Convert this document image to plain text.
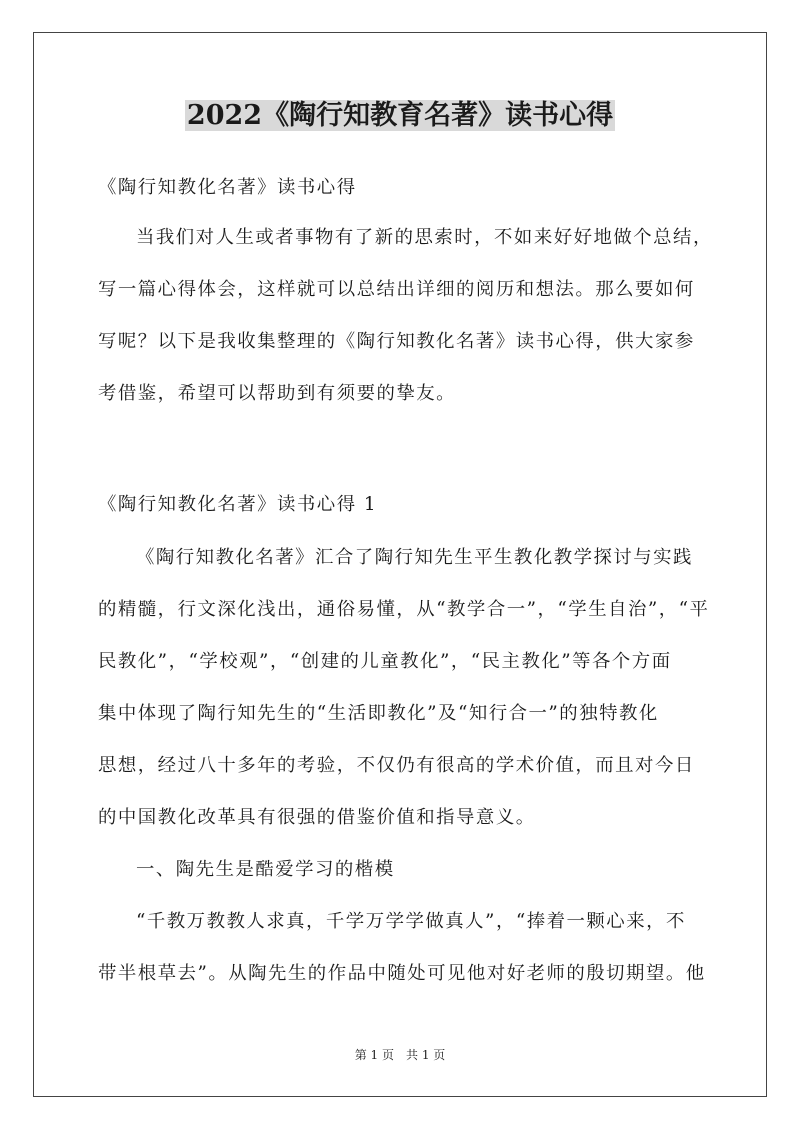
2022《陶行知教育名著》读书心得
《陶行知教化名著》读书心得
当我们对人生或者事物有了新的思索时，不如来好好地做个总结，
写一篇心得体会，这样就可以总结出详细的阅历和想法。那么要如何
写呢？以下是我收集整理的《陶行知教化名著》读书心得，供大家参
考借鉴，希望可以帮助到有须要的挚友。
《陶行知教化名著》读书心得 1
《陶行知教化名著》汇合了陶行知先生平生教化教学探讨与实践
的精髓，行文深化浅出，通俗易懂，从“教学合一”，“学生自治”，“平
民教化”，“学校观”，“创建的儿童教化”，“民主教化”等各个方面
集中体现了陶行知先生的“生活即教化”及“知行合一”的独特教化
思想，经过八十多年的考验，不仅仍有很高的学术价值，而且对今日
的中国教化改革具有很强的借鉴价值和指导意义。
一、陶先生是酷爱学习的楷模
“千教万教教人求真，千学万学学做真人”，“捧着一颗心来，不
带半根草去”。从陶先生的作品中随处可见他对好老师的殷切期望。他
第 1 页　共 1 页
